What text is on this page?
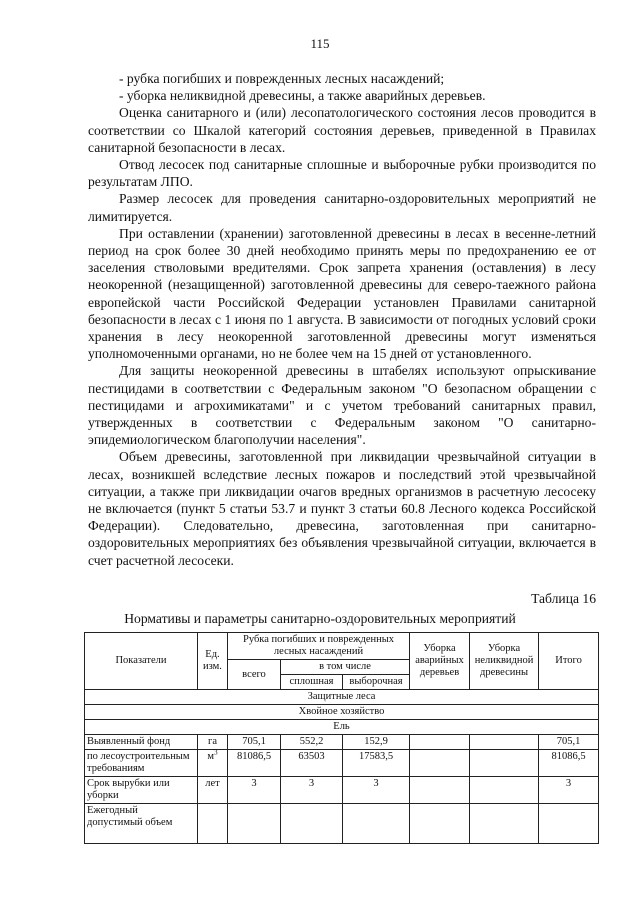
115

- рубка погибших и поврежденных лесных насаждений;

- уборка неликвидной древесины, а также аварийных деревьев.

Оценка санитарного и (или) лесопатологического состояния лесов проводится в соответствии со Шкалой категорий состояния деревьев, приведенной в Правилах санитарной безопасности в лесах.

Отвод лесосек под санитарные сплошные и выборочные рубки производится по результатам ЛПО.

Размер лесосек для проведения санитарно-оздоровительных мероприятий не лимитируется.

При оставлении (хранении) заготовленной древесины в лесах в весенне-летний период на срок более 30 дней необходимо принять меры по предохранению ее от заселения стволовыми вредителями. Срок запрета хранения (оставления) в лесу неокоренной (незащищенной) заготовленной древесины для северо-таежного района европейской части Российской Федерации установлен Правилами санитарной безопасности в лесах с 1 июня по 1 августа. В зависимости от погодных условий сроки хранения в лесу неокоренной заготовленной древесины могут изменяться уполномоченными органами, но не более чем на 15 дней от установленного.

Для защиты неокоренной древесины в штабелях используют опрыскивание пестицидами в соответствии с Федеральным законом "О безопасном обращении с пестицидами и агрохимикатами" и с учетом требований санитарных правил, утвержденных в соответствии с Федеральным законом "О санитарно-эпидемиологическом благополучии населения".

Объем древесины, заготовленной при ликвидации чрезвычайной ситуации в лесах, возникшей вследствие лесных пожаров и последствий этой чрезвычайной ситуации, а также при ликвидации очагов вредных организмов в расчетную лесосеку не включается (пункт 5 статьи 53.7 и пункт 3 статьи 60.8 Лесного кодекса Российской Федерации). Следовательно, древесина, заготовленная при санитарно-оздоровительных мероприятиях без объявления чрезвычайной ситуации, включается в счет расчетной лесосеки.

Таблица 16
Нормативы и параметры санитарно-оздоровительных мероприятий
Показатели	Ед. изм.	Рубка погибших и поврежденных лесных насаждений			Уборка аварийных деревьев	Уборка неликвидной древесины	Итого
		всего	в том числе				
			сплошная	выборочная			
Защитные леса							
Хвойное хозяйство							
Ель							
Выявленный фонд	га	705,1	552,2	152,9			705,1
по лесоустроительным требованиям	$м^3$	81086,5	63503	17583,5			81086,5
Срок вырубки или уборки	лет	3	3	3			3
Ежегодный допустимый объем							
